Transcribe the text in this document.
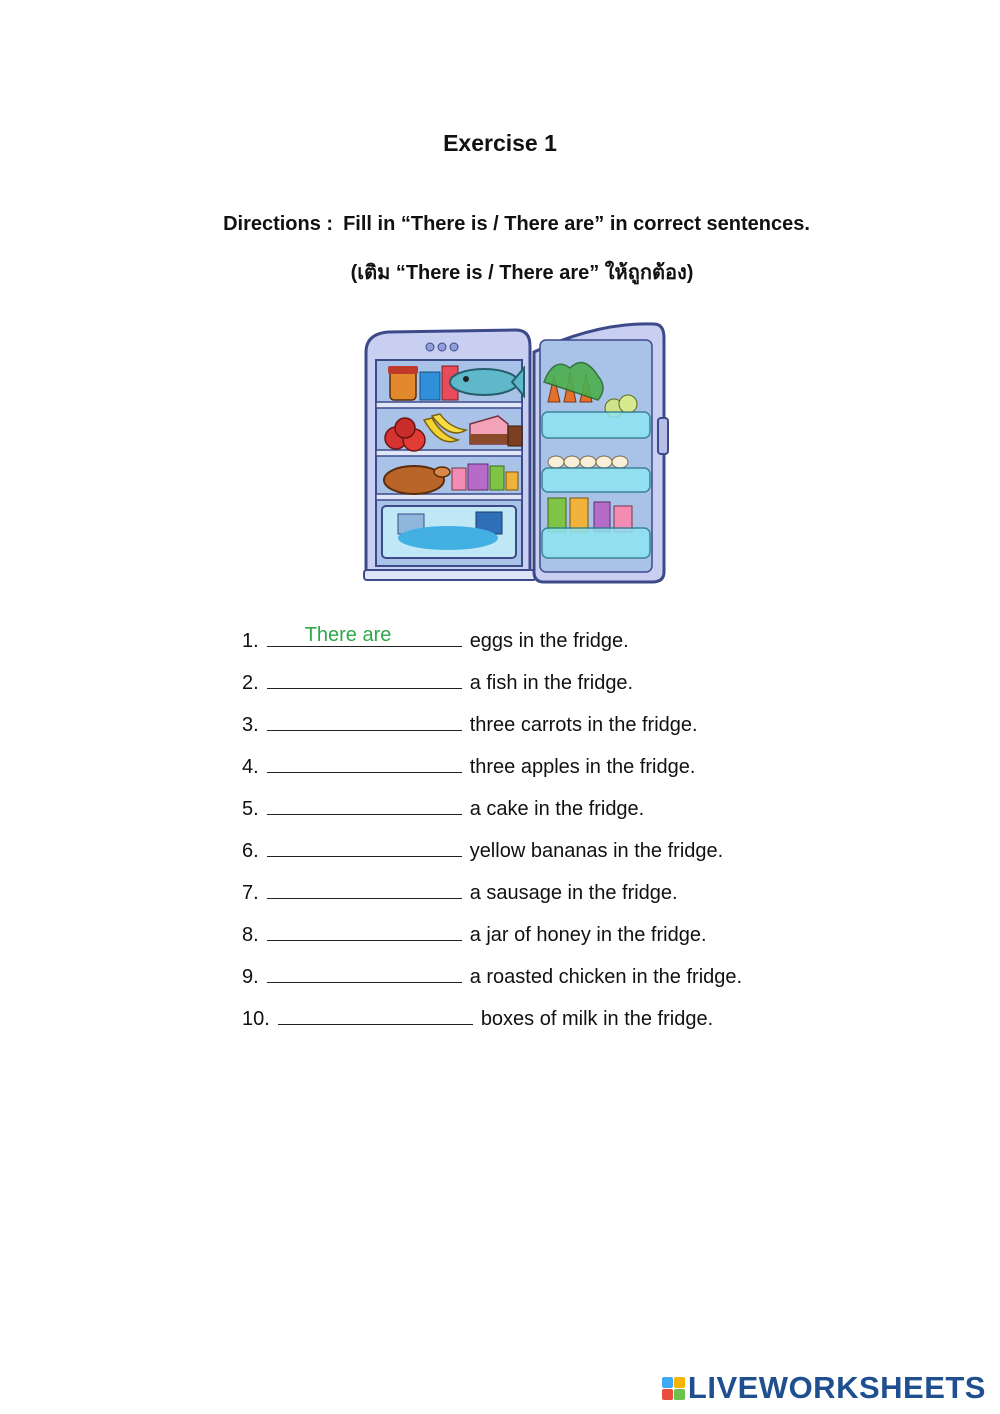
Exercise 1
Directions : Fill in “There is / There are” in correct sentences.
(เติม “There is / There are” ให้ถูกต้อง)
1. There are	eggs in the fridge.
2.	a fish in the fridge.
3.	three carrots in the fridge.
4.	three apples in the fridge.
5.	a cake in the fridge.
6.	yellow bananas in the fridge.
7.	a sausage in the fridge.
8.	a jar of honey in the fridge.
9.	a roasted chicken in the fridge.
10.	boxes of milk in the fridge.
LIVEWORKSHEETS
